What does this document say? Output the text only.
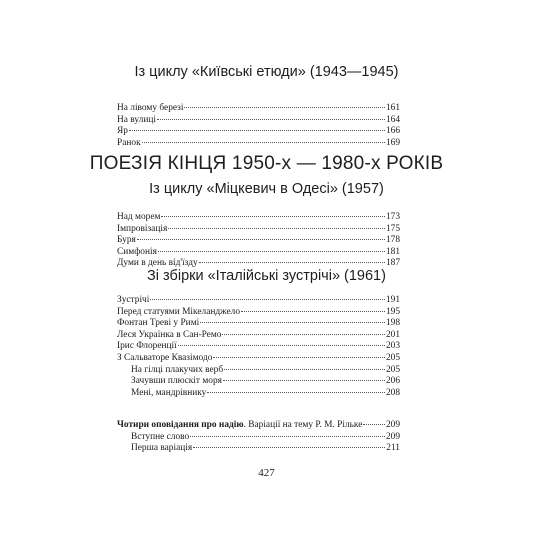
Із циклу «Київські етюди» (1943—1945)
На лівому березі	161
На вулиці	164
Яр	166
Ранок	169
ПОЕЗІЯ КІНЦЯ 1950-х — 1980-х РОКІВ
Із циклу «Міцкевич в Одесі» (1957)
Над морем	173
Імпровізація	175
Буря	178
Симфонія	181
Думи в день від'їзду	187
Зі збірки «Італійські зустрічі» (1961)
Зустрічі	191
Перед статуями Мікеланджело	195
Фонтан Треві у Римі	198
Леся Українка в Сан-Ремо	201
Ірис Флоренції	203
З Сальваторе Квазімодо	205
На гілці плакучих верб	205
Зачувши плюскіт моря	206
Мені, мандрівнику	208
Чотири оповідання про надію. Варіації на тему Р. М. Рільке	209
Вступне слово	209
Перша варіація	211
427
